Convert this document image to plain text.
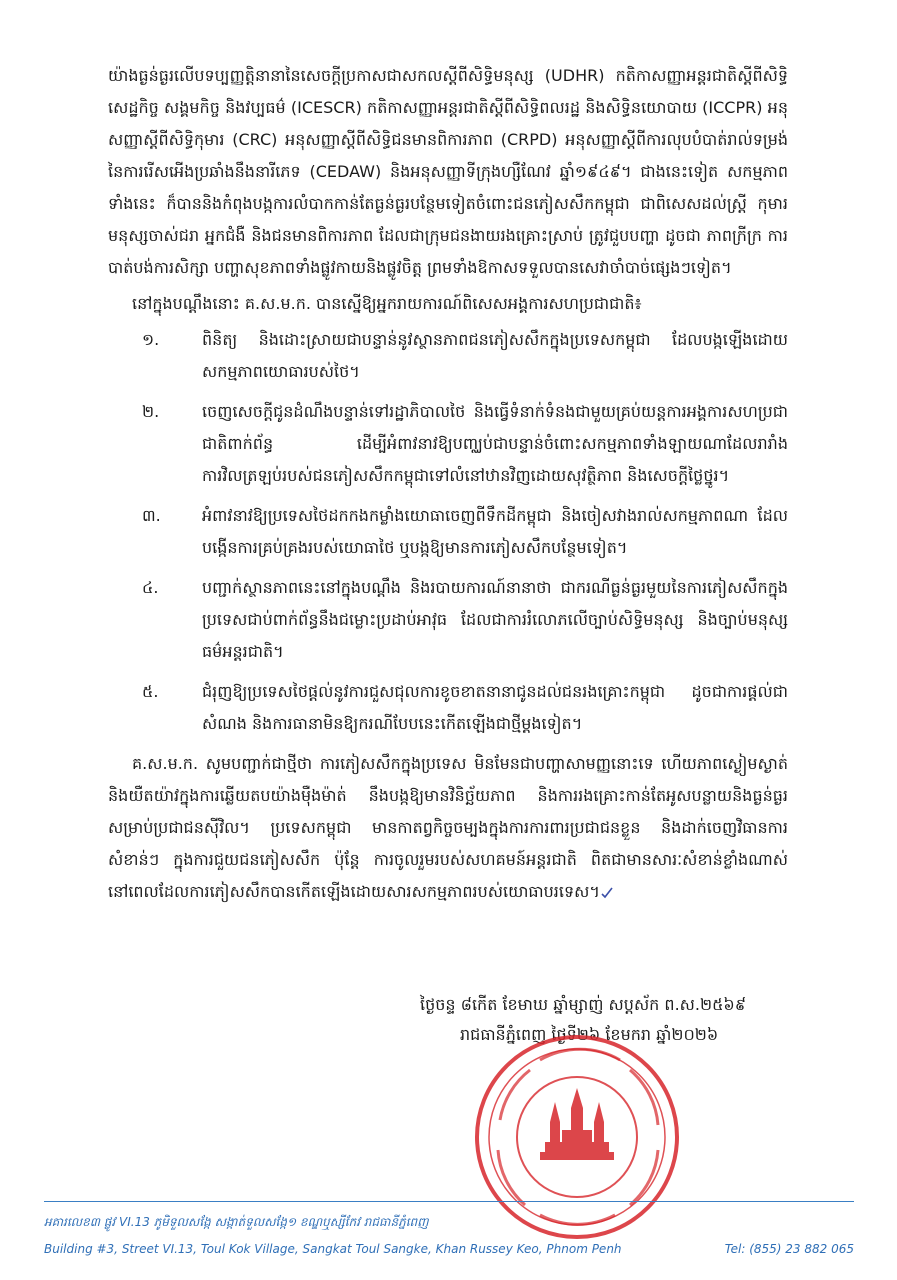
យ៉ាងធ្ងន់ធ្ងរលើបទប្បញ្ញត្តិនានានៃសេចក្តីប្រកាសជាសកលស្តីពីសិទ្ធិមនុស្ស (UDHR) កតិកាសញ្ញាអន្តរជាតិស្តីពីសិទ្ធិសេដ្ឋកិច្ច សង្គមកិច្ច និងវប្បធម៌ (ICESCR) កតិកាសញ្ញាអន្តរជាតិស្តីពីសិទ្ធិពលរដ្ឋ និងសិទ្ធិនយោបាយ (ICCPR) អនុសញ្ញាស្តីពីសិទ្ធិកុមារ (CRC) អនុសញ្ញាស្តីពីសិទ្ធិជនមានពិការភាព (CRPD) អនុសញ្ញាស្តីពីការលុបបំបាត់រាល់ទម្រង់នៃការរើសអើងប្រឆាំងនឹងនារីភេទ (CEDAW) និងអនុសញ្ញាទីក្រុងហ្សឺណែវ ឆ្នាំ១៩៤៩។ ជាងនេះទៀត សកម្មភាពទាំងនេះ ក៏បាននិងកំពុងបង្កការលំបាកកាន់តែធ្ងន់ធ្ងរបន្ថែមទៀតចំពោះជនភៀសសឹកកម្ពុជា ជាពិសេសដល់ស្ត្រី កុមារ មនុស្សចាស់ជរា អ្នកជំងឺ និងជនមានពិការភាព ដែលជាក្រុមជនងាយរងគ្រោះស្រាប់ ត្រូវជួបបញ្ហា ដូចជា ភាពក្រីក្រ ការបាត់បង់ការសិក្សា បញ្ហាសុខភាពទាំងផ្លូវកាយនិងផ្លូវចិត្ត ព្រមទាំងឱកាសទទួលបានសេវាចាំបាច់ផ្សេងៗទៀត។

នៅក្នុងបណ្តឹងនោះ គ.ស.ម.ក. បានស្នើឱ្យអ្នករាយការណ៍ពិសេសអង្គការសហប្រជាជាតិ៖

១.	ពិនិត្យ និងដោះស្រាយជាបន្ទាន់នូវស្ថានភាពជនភៀសសឹកក្នុងប្រទេសកម្ពុជា ដែលបង្កឡើងដោយសកម្មភាពយោធារបស់ថៃ។
២.	ចេញសេចក្តីជូនដំណឹងបន្ទាន់ទៅរដ្ឋាភិបាលថៃ និងធ្វើទំនាក់ទំនងជាមួយគ្រប់យន្តការអង្គការសហប្រជាជាតិពាក់ព័ន្ធ ដើម្បីអំពាវនាវឱ្យបញ្ឈប់ជាបន្ទាន់ចំពោះសកម្មភាពទាំងឡាយណាដែលរារាំងការវិលត្រឡប់របស់ជនភៀសសឹកកម្ពុជាទៅលំនៅឋានវិញដោយសុវត្ថិភាព និងសេចក្តីថ្លៃថ្នូរ។
៣.	អំពាវនាវឱ្យប្រទេសថៃដកកងកម្លាំងយោធាចេញពីទឹកដីកម្ពុជា និងចៀសវាងរាល់សកម្មភាពណា ដែលបង្កើនការគ្រប់គ្រងរបស់យោធាថៃ ឬបង្កឱ្យមានការភៀសសឹកបន្ថែមទៀត។
៤.	បញ្ជាក់ស្ថានភាពនេះនៅក្នុងបណ្តឹង និងរបាយការណ៍នានាថា ជាករណីធ្ងន់ធ្ងរមួយនៃការភៀសសឹកក្នុងប្រទេសជាប់ពាក់ព័ន្ធនឹងជម្លោះប្រដាប់អាវុធ ដែលជាការរំលោភលើច្បាប់សិទ្ធិមនុស្ស និងច្បាប់មនុស្សធម៌អន្តរជាតិ។
៥.	ជំរុញឱ្យប្រទេសថៃផ្តល់នូវការជួសជុលការខូចខាតនានាជូនដល់ជនរងគ្រោះកម្ពុជា ដូចជាការផ្តល់ជាសំណង និងការធានាមិនឱ្យករណីបែបនេះកើតឡើងជាថ្មីម្តងទៀត។

គ.ស.ម.ក. សូមបញ្ជាក់ជាថ្មីថា ការភៀសសឹកក្នុងប្រទេស មិនមែនជាបញ្ហាសាមញ្ញនោះទេ ហើយភាពស្ងៀមស្ងាត់ និងយឺតយ៉ាវក្នុងការឆ្លើយតបយ៉ាងម៉ឺងម៉ាត់ នឹងបង្កឱ្យមានវិនិច្ឆ័យភាព និងការរងគ្រោះកាន់តែអូសបន្លាយនិងធ្ងន់ធ្ងរសម្រាប់ប្រជាជនស៊ីវិល។ ប្រទេសកម្ពុជា មានកាតព្វកិច្ចចម្បងក្នុងការការពារប្រជាជនខ្លួន និងដាក់ចេញវិធានការសំខាន់ៗ ក្នុងការជួយជនភៀសសឹក ប៉ុន្តែ ការចូលរួមរបស់សហគមន៍អន្តរជាតិ ពិតជាមានសារៈសំខាន់ខ្លាំងណាស់ នៅពេលដែលការភៀសសឹកបានកើតឡើងដោយសារសកម្មភាពរបស់យោធាបរទេស។

ថ្ងៃចន្ទ ៨កើត ខែមាឃ ឆ្នាំម្សាញ់ សប្តស័ក ព.ស.២៥៦៩
រាជធានីភ្នំពេញ ថ្ងៃទី២៦ ខែមករា ឆ្នាំ២០២៦
អគារលេខ៣ ផ្លូវ VI.13 ភូមិទួលសង្កែ សង្កាត់ទួលសង្កែ១ ខណ្ឌឬស្សីកែវ រាជធានីភ្នំពេញ
Building #3, Street VI.13, Toul Kok Village, Sangkat Toul Sangke, Khan Russey Keo, Phnom Penh	Tel: (855) 23 882 065
